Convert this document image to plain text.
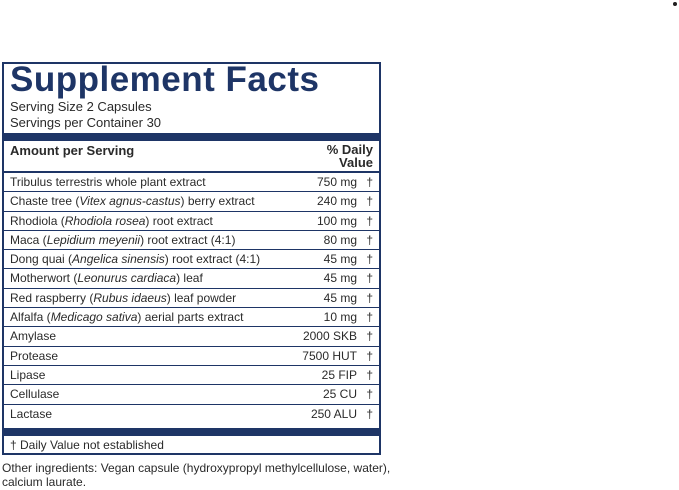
Supplement Facts
Serving Size 2 Capsules
Servings per Container 30
Amount per Serving	% Daily
Value
Tribulus terrestris whole plant extract	750 mg †
Chaste tree (Vitex agnus-castus) berry extract	240 mg †
Rhodiola (Rhodiola rosea) root extract	100 mg †
Maca (Lepidium meyenii) root extract (4:1)	80 mg †
Dong quai (Angelica sinensis) root extract (4:1)	45 mg †
Motherwort (Leonurus cardiaca) leaf	45 mg †
Red raspberry (Rubus idaeus) leaf powder	45 mg †
Alfalfa (Medicago sativa) aerial parts extract	10 mg †
Amylase	2000 SKB †
Protease	7500 HUT †
Lipase	25 FIP †
Cellulase	25 CU †
Lactase	250 ALU †
† Daily Value not established
Other ingredients: Vegan capsule (hydroxypropyl methylcellulose, water), calcium laurate.
